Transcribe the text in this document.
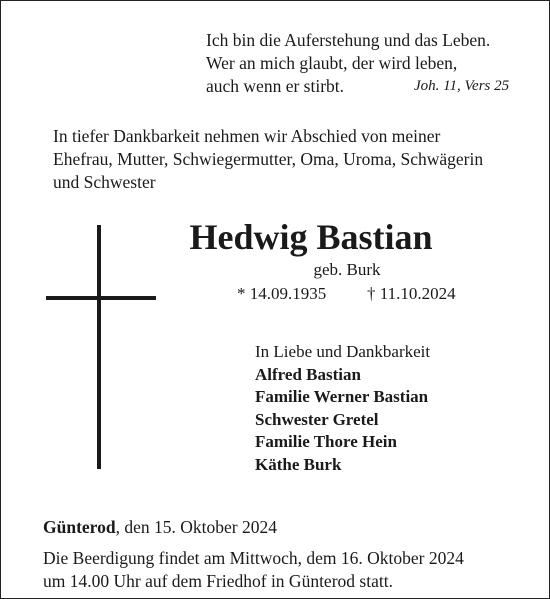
Ich bin die Auferstehung und das Leben.
Wer an mich glaubt, der wird leben,
auch wenn er stirbt.	Joh. 11, Vers 25
In tiefer Dankbarkeit nehmen wir Abschied von meiner
Ehefrau, Mutter, Schwiegermutter, Oma, Uroma, Schwägerin
und Schwester
Hedwig Bastian
geb. Burk
* 14.09.1935 † 11.10.2024
In Liebe und Dankbarkeit
Alfred Bastian
Familie Werner Bastian
Schwester Gretel
Familie Thore Hein
Käthe Burk
Günterod, den 15. Oktober 2024
Die Beerdigung findet am Mittwoch, dem 16. Oktober 2024
um 14.00 Uhr auf dem Friedhof in Günterod statt.
